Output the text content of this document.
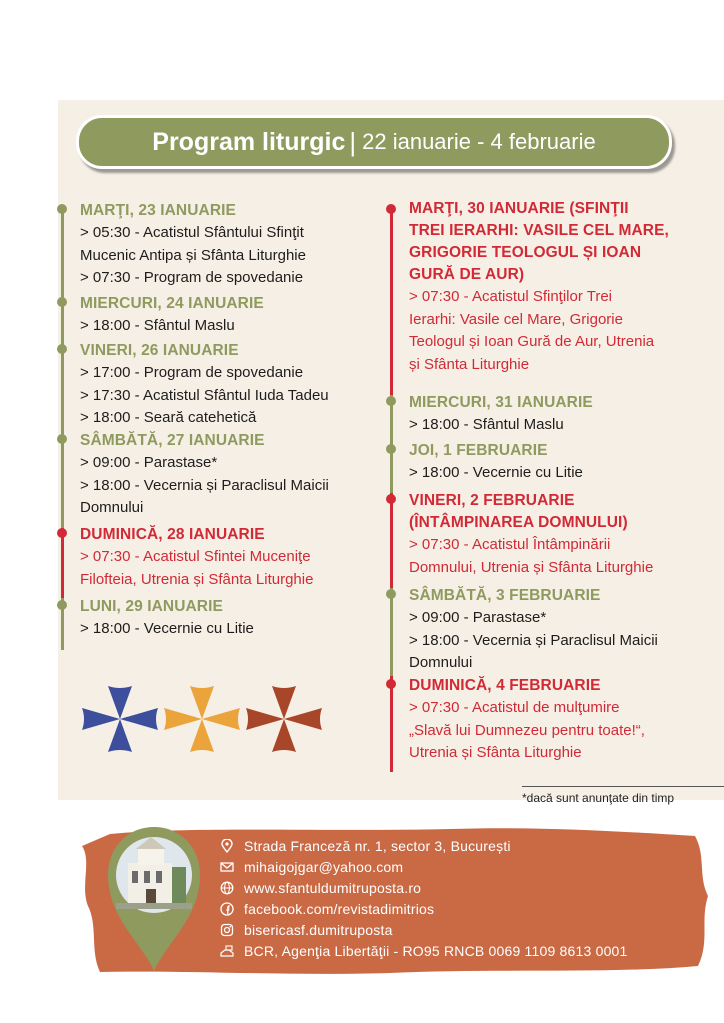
Program liturgic | 22 ianuarie - 4 februarie
MARŢI, 23 IANUARIE
> 05:30 - Acatistul Sfântului Sfinţit
Mucenic Antipa și Sfânta Liturghie
> 07:30 - Program de spovedanie
MIERCURI, 24 IANUARIE
> 18:00 - Sfântul Maslu
VINERI, 26 IANUARIE
> 17:00 - Program de spovedanie
> 17:30 - Acatistul Sfântul Iuda Tadeu
> 18:00 - Seară catehetică
SÂMBĂTĂ, 27 IANUARIE
> 09:00 - Parastase*
> 18:00 - Vecernia și Paraclisul Maicii
Domnului
DUMINICĂ, 28 IANUARIE
> 07:30 - Acatistul Sfintei Muceniţe
Filofteia, Utrenia și Sfânta Liturghie
LUNI, 29 IANUARIE
> 18:00 - Vecernie cu Litie
MARŢI, 30 IANUARIE (SFINŢII
TREI IERARHI: VASILE CEL MARE,
GRIGORIE TEOLOGUL ȘI IOAN
GURĂ DE AUR)
> 07:30 - Acatistul Sfinţilor Trei
Ierarhi: Vasile cel Mare, Grigorie
Teologul și Ioan Gură de Aur, Utrenia
și Sfânta Liturghie
MIERCURI, 31 IANUARIE
> 18:00 - Sfântul Maslu
JOI, 1 FEBRUARIE
> 18:00 - Vecernie cu Litie
VINERI, 2 FEBRUARIE
(ÎNTÂMPINAREA DOMNULUI)
> 07:30 - Acatistul Întâmpinării
Domnului, Utrenia și Sfânta Liturghie
SÂMBĂTĂ, 3 FEBRUARIE
> 09:00 - Parastase*
> 18:00 - Vecernia și Paraclisul Maicii
Domnului
DUMINICĂ, 4 FEBRUARIE
> 07:30 - Acatistul de mulţumire
„Slavă lui Dumnezeu pentru toate!“,
Utrenia și Sfânta Liturghie
*dacă sunt anunţate din timp
Strada Franceză nr. 1, sector 3, București
mihaigojgar@yahoo.com
www.sfantuldumitruposta.ro
facebook.com/revistadimitrios
bisericasf.dumitruposta
BCR, Agenţia Libertăţii - RO95 RNCB 0069 1109 8613 0001
